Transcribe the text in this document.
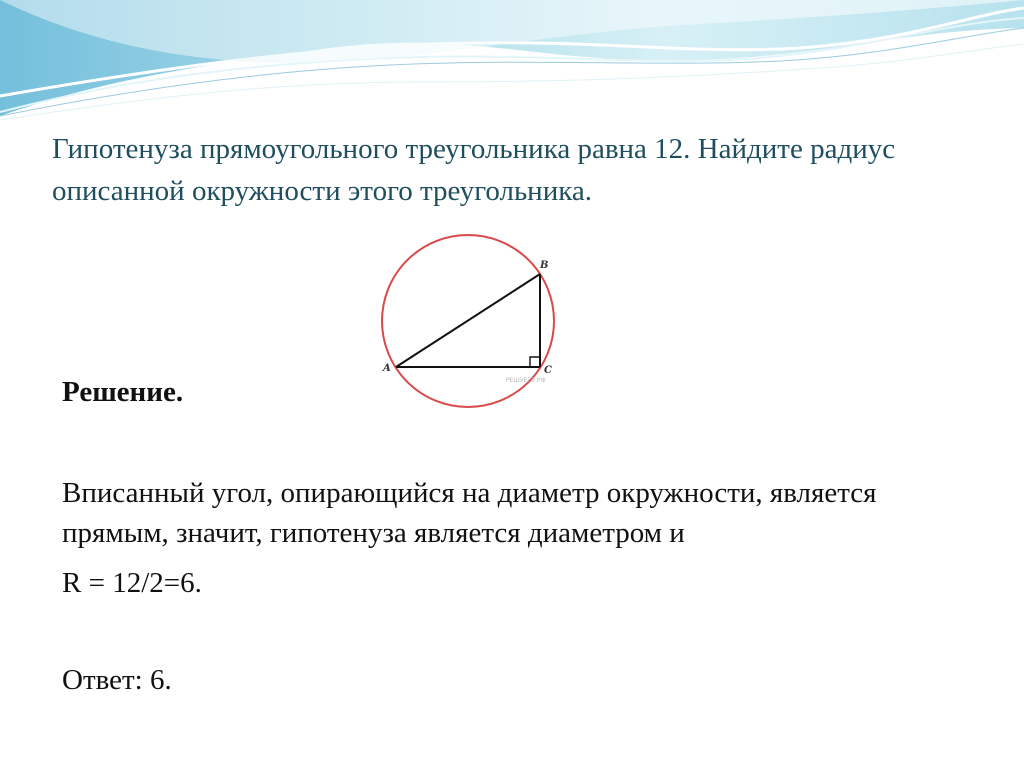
Гипотенуза прямоугольного треугольника равна 12. Найдите радиус описанной окружности этого треугольника.
A
B
C
РЕШУЕГЭ.РФ

Решение.

Вписанный угол, опирающийся на диаметр окружности, является прямым, значит, гипотенуза является диаметром и

R = 12/2=6.

Ответ: 6.
